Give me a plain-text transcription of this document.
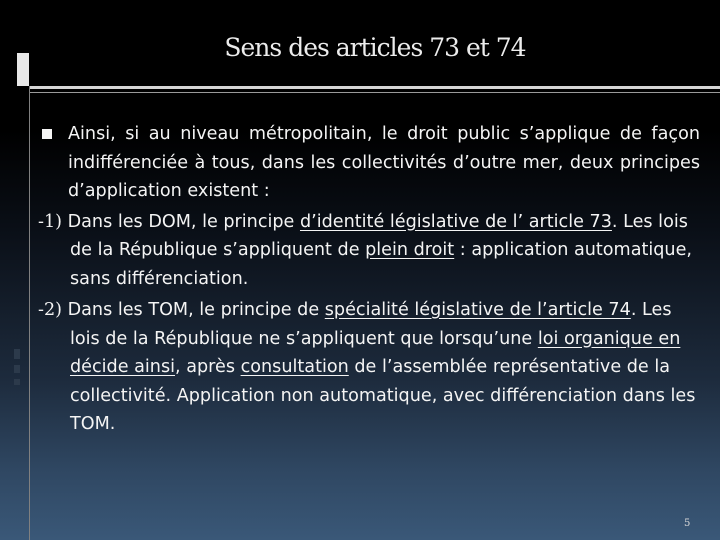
Sens des articles 73 et 74
Ainsi, si au niveau métropolitain, le droit public s’applique de façon indifférenciée à tous, dans les collectivités d’outre mer, deux principes d’application existent :
-1) Dans les DOM, le principe d’identité législative de l’ article 73. Les lois de la République s’appliquent de plein droit : application automatique, sans différenciation.
-2) Dans les TOM, le principe de spécialité législative de l’article 74. Les lois de la République ne s’appliquent que lorsqu’une loi organique en décide ainsi, après consultation de l’assemblée représentative de la collectivité. Application non automatique, avec différenciation dans les TOM.
5
